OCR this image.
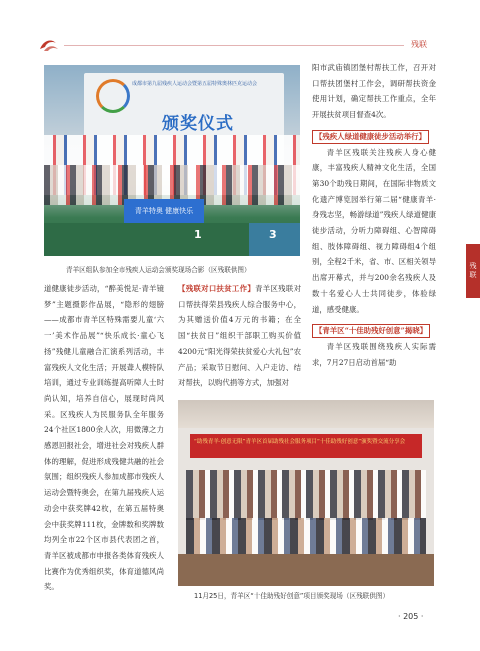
残联
残联
成都市第九届残疾人运动会暨第五届特殊奥林匹克运动会
颁奖仪式
青羊特奥 健康快乐
1	3
青羊区组队参加全市残疾人运动会颁奖现场合影（区残联供图）

道健康徒步活动，“醉美悦足·青羊镜梦”主题摄影作品展，“隐形的翅膀——成都市青羊区特殊需要儿童‘六一’美术作品展”“快乐成长·童心飞扬”残健儿童融合汇演系列活动，丰富残疾人文化生活；开展聋人模特队培训，通过专业训练提高听障人士时尚认知，培养自信心，展现时尚风采。区残疾人为民服务队全年服务24个社区1800余人次，用微薄之力感恩回报社会，增进社会对残疾人群体的理解，促进形成残健共融的社会氛围；组织残疾人参加成都市残疾人运动会暨特奥会，在第九届残疾人运动会中获奖牌42枚，在第五届特奥会中获奖牌111枚，金牌数和奖牌数均列全市22个区市县代表团之首，青羊区被成都市申报各类体育残疾人比赛作为优秀组织奖，体育道德风尚奖。

【残联对口扶贫工作】青羊区残联对口帮扶得荣县残疾人综合服务中心，为其赠送价值4万元的书籍；在全国“扶贫日”组织干部职工购买价值4200元“阳光得荣扶贫爱心大礼包”农产品；采取节日慰问、入户走访、结对帮扶，以购代捐等方式，加强对

阳市武庙镇团堡村帮扶工作，召开对口帮扶团堡村工作会，调研帮扶资金使用计划，确定帮扶工作重点，全年开展扶贫项目督查4次。

【残疾人绿道健康徒步活动举行】

青羊区残联关注残疾人身心健康，丰富残疾人精神文化生活，全国第30个助残日期间，在国际非物质文化遗产博览园举行第二届“健康青羊·身残志坚，畅游绿道”残疾人绿道健康徒步活动，分听力障碍组、心智障碍组、肢体障碍组、视力障碍组4个组别，全程2千米，省、市、区相关领导出席开幕式，并与200余名残疾人及数十名爱心人士共同徒步，体验绿道，感受健康。

【青羊区“十佳助残好创意”揭晓】

青羊区残联围绕残疾人实际需求，7月27日启动首届“助

“助残青羊·创意无限”青羊区首届助残社会服务项目“十佳助残好创意”颁奖暨交流分享会
11月25日，青羊区“十佳助残好创意”项目颁奖现场（区残联供图）
· 205 ·
